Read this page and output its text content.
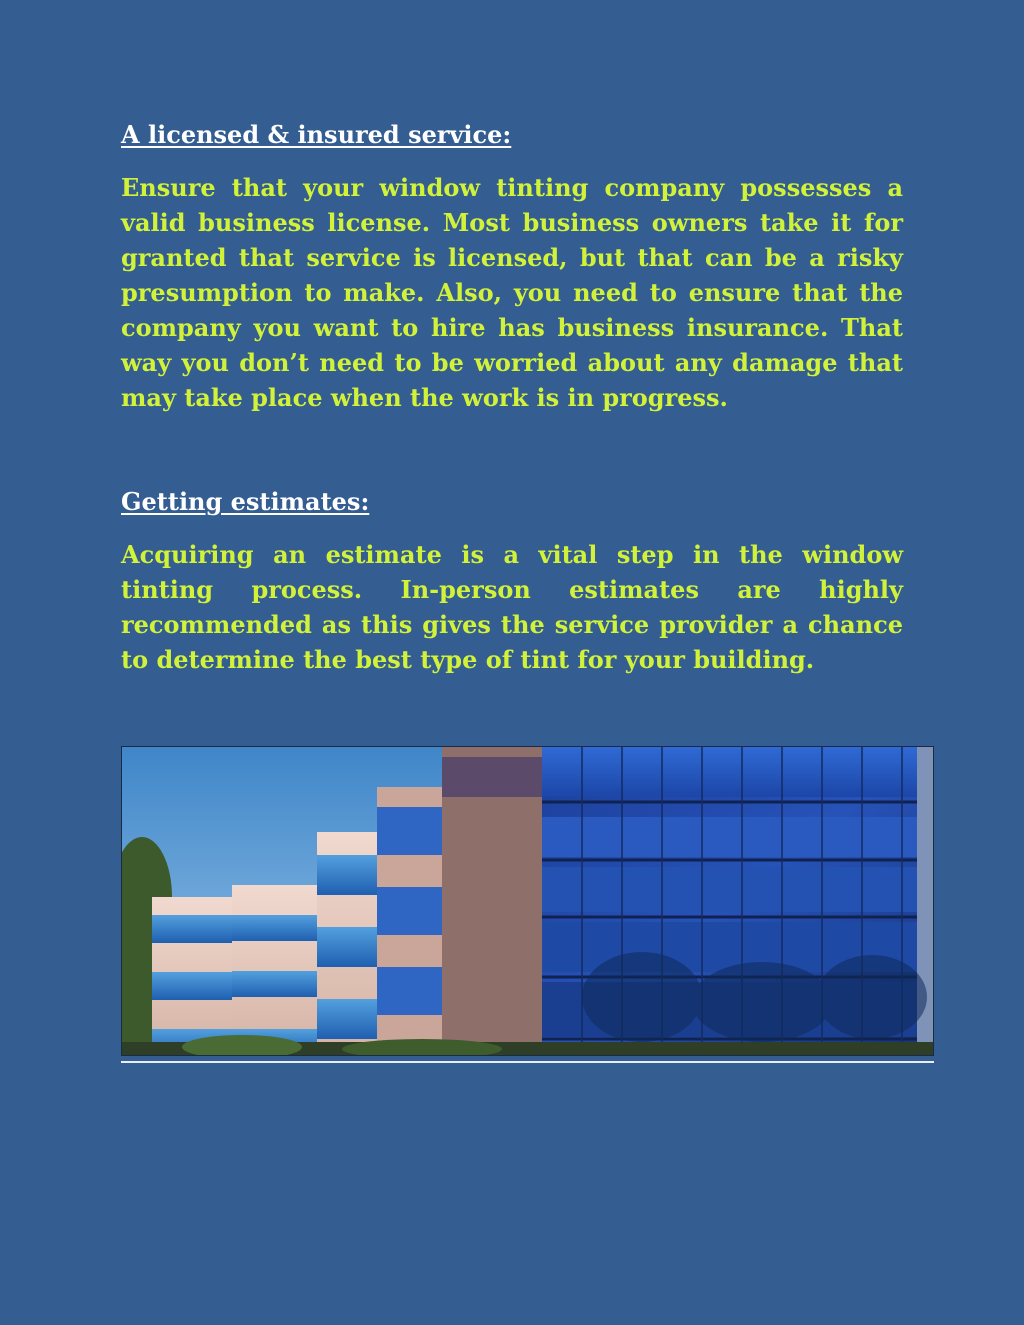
A licensed & insured service:

Ensure that your window tinting company possesses a valid business license. Most business owners take it for granted that service is licensed, but that can be a risky presumption to make. Also, you need to ensure that the company you want to hire has business insurance. That way you don’t need to be worried about any damage that may take place when the work is in progress.

Getting estimates:

Acquiring an estimate is a vital step in the window tinting process. In-person estimates are highly recommended as this gives the service provider a chance to determine the best type of tint for your building.
